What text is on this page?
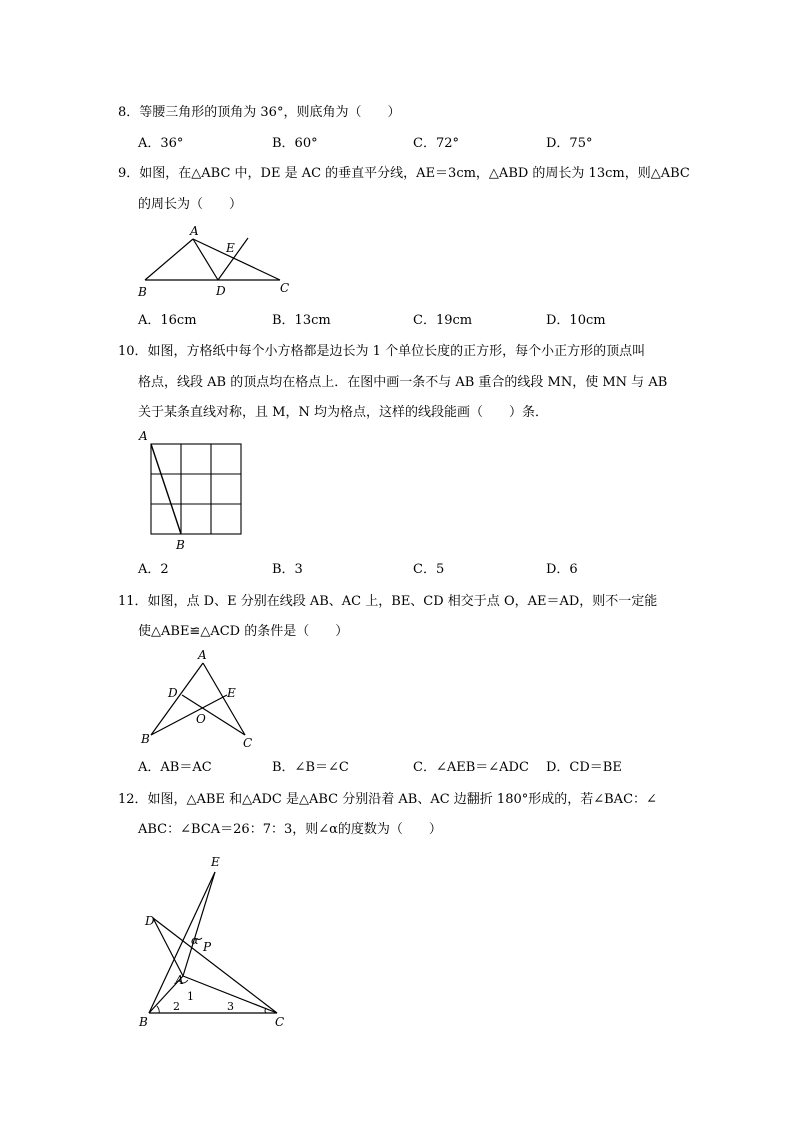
8．等腰三角形的顶角为 36°，则底角为（　　）
A．36°	B．60°	C．72°	D．75°
9．如图，在△ABC 中，DE 是 AC 的垂直平分线，AE＝3cm，△ABD 的周长为 13cm，则△ABC
的周长为（　　）
A
E
B	D	C
A．16cm	B．13cm	C．19cm	D．10cm
10．如图，方格纸中每个小方格都是边长为 1 个单位长度的正方形，每个小正方形的顶点叫
格点，线段 AB 的顶点均在格点上．在图中画一条不与 AB 重合的线段 MN，使 MN 与 AB
关于某条直线对称，且 M，N 均为格点，这样的线段能画（　　）条．
A
B
A．2	B．3	C．5	D．6
11．如图，点 D、E 分别在线段 AB、AC 上，BE、CD 相交于点 O，AE＝AD，则不一定能
使△ABE≌△ACD 的条件是（　　）
A
D	E
O
B	C
A．AB＝AC	B．∠B＝∠C	C．∠AEB＝∠ADC D．CD＝BE
12．如图，△ABE 和△ADC 是△ABC 分别沿着 AB、AC 边翻折 180°形成的，若∠BAC：∠
ABC：∠BCA＝26：7：3，则∠α的度数为（　　）
E
D
α P
A
1
2	3
B	C
